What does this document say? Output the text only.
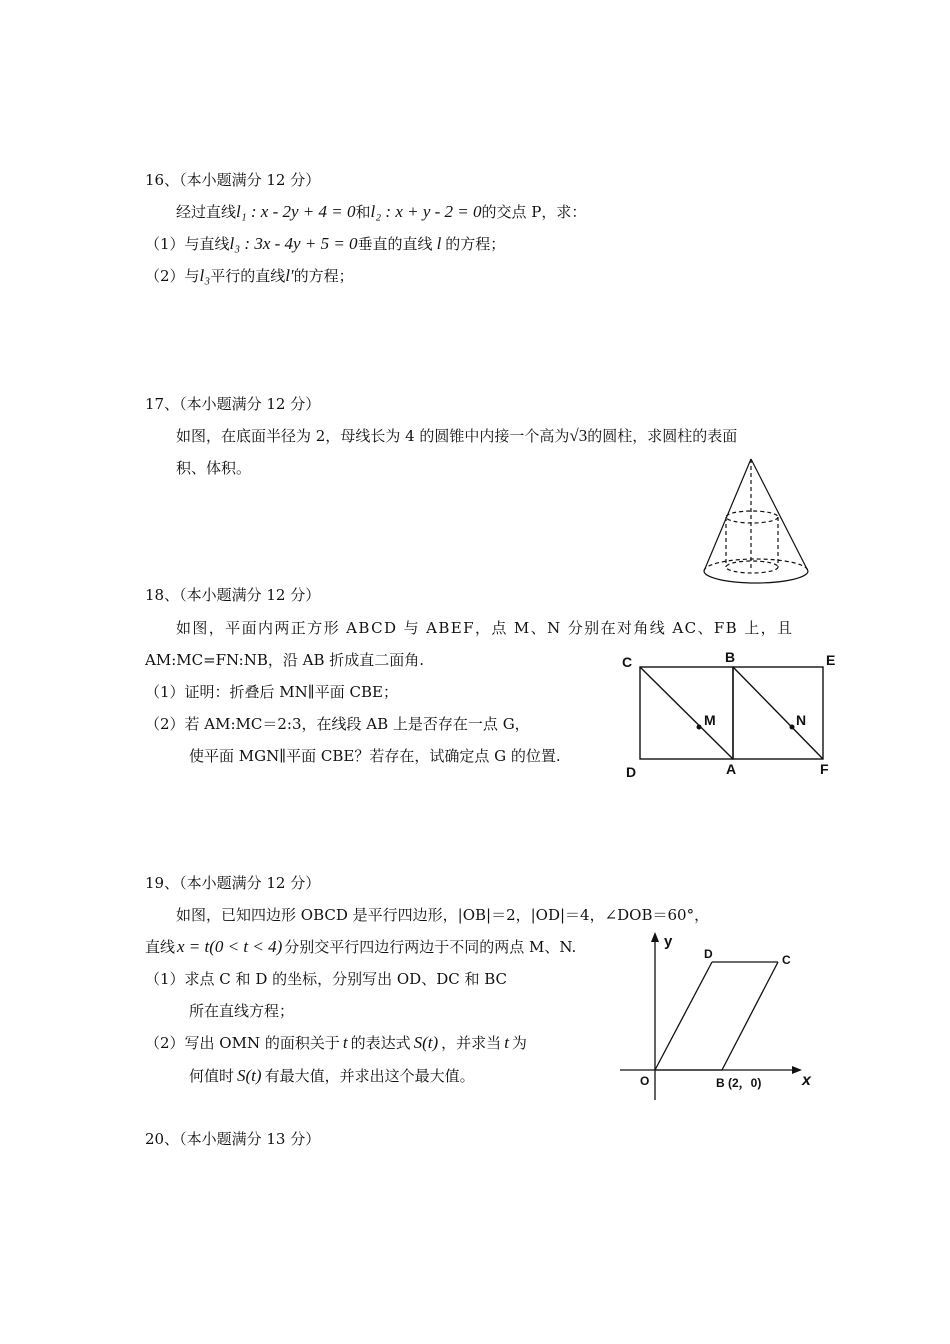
16、（本小题满分 12 分）
经过直线l₁ : x - 2y + 4 = 0和l₂ : x + y - 2 = 0的交点 P，求：
（1）与直线l₃ : 3x - 4y + 5 = 0垂直的直线 l 的方程；
（2）与l₃平行的直线l′的方程；
17、（本小题满分 12 分）
如图，在底面半径为 2，母线长为 4 的圆锥中内接一个高为√3的圆柱，求圆柱的表面
积、体积。
18、（本小题满分 12 分）
如图，平面内两正方形 ABCD 与 ABEF，点 M、N 分别在对角线 AC、FB 上，且
AM:MC=FN:NB，沿 AB 折成直二面角.
（1）证明：折叠后 MN∥平面 CBE；
（2）若 AM:MC＝2:3，在线段 AB 上是否存在一点 G，
使平面 MGN∥平面 CBE？若存在，试确定点 G 的位置.
C	B	E
D	A	F
M	N
19、（本小题满分 12 分）
如图，已知四边形 OBCD 是平行四边形，|OB|＝2，|OD|＝4，∠DOB＝60°，
直线 x = t(0 < t < 4) 分别交平行四边行两边于不同的两点 M、N.
（1）求点 C 和 D 的坐标，分别写出 OD、DC 和 BC
所在直线方程；
（2）写出 OMN 的面积关于 t 的表达式 S(t) ，并求当 t 为
何值时 S(t) 有最大值，并求出这个最大值。
y
x
D	C
O	B (2，0)
20、（本小题满分 13 分）
